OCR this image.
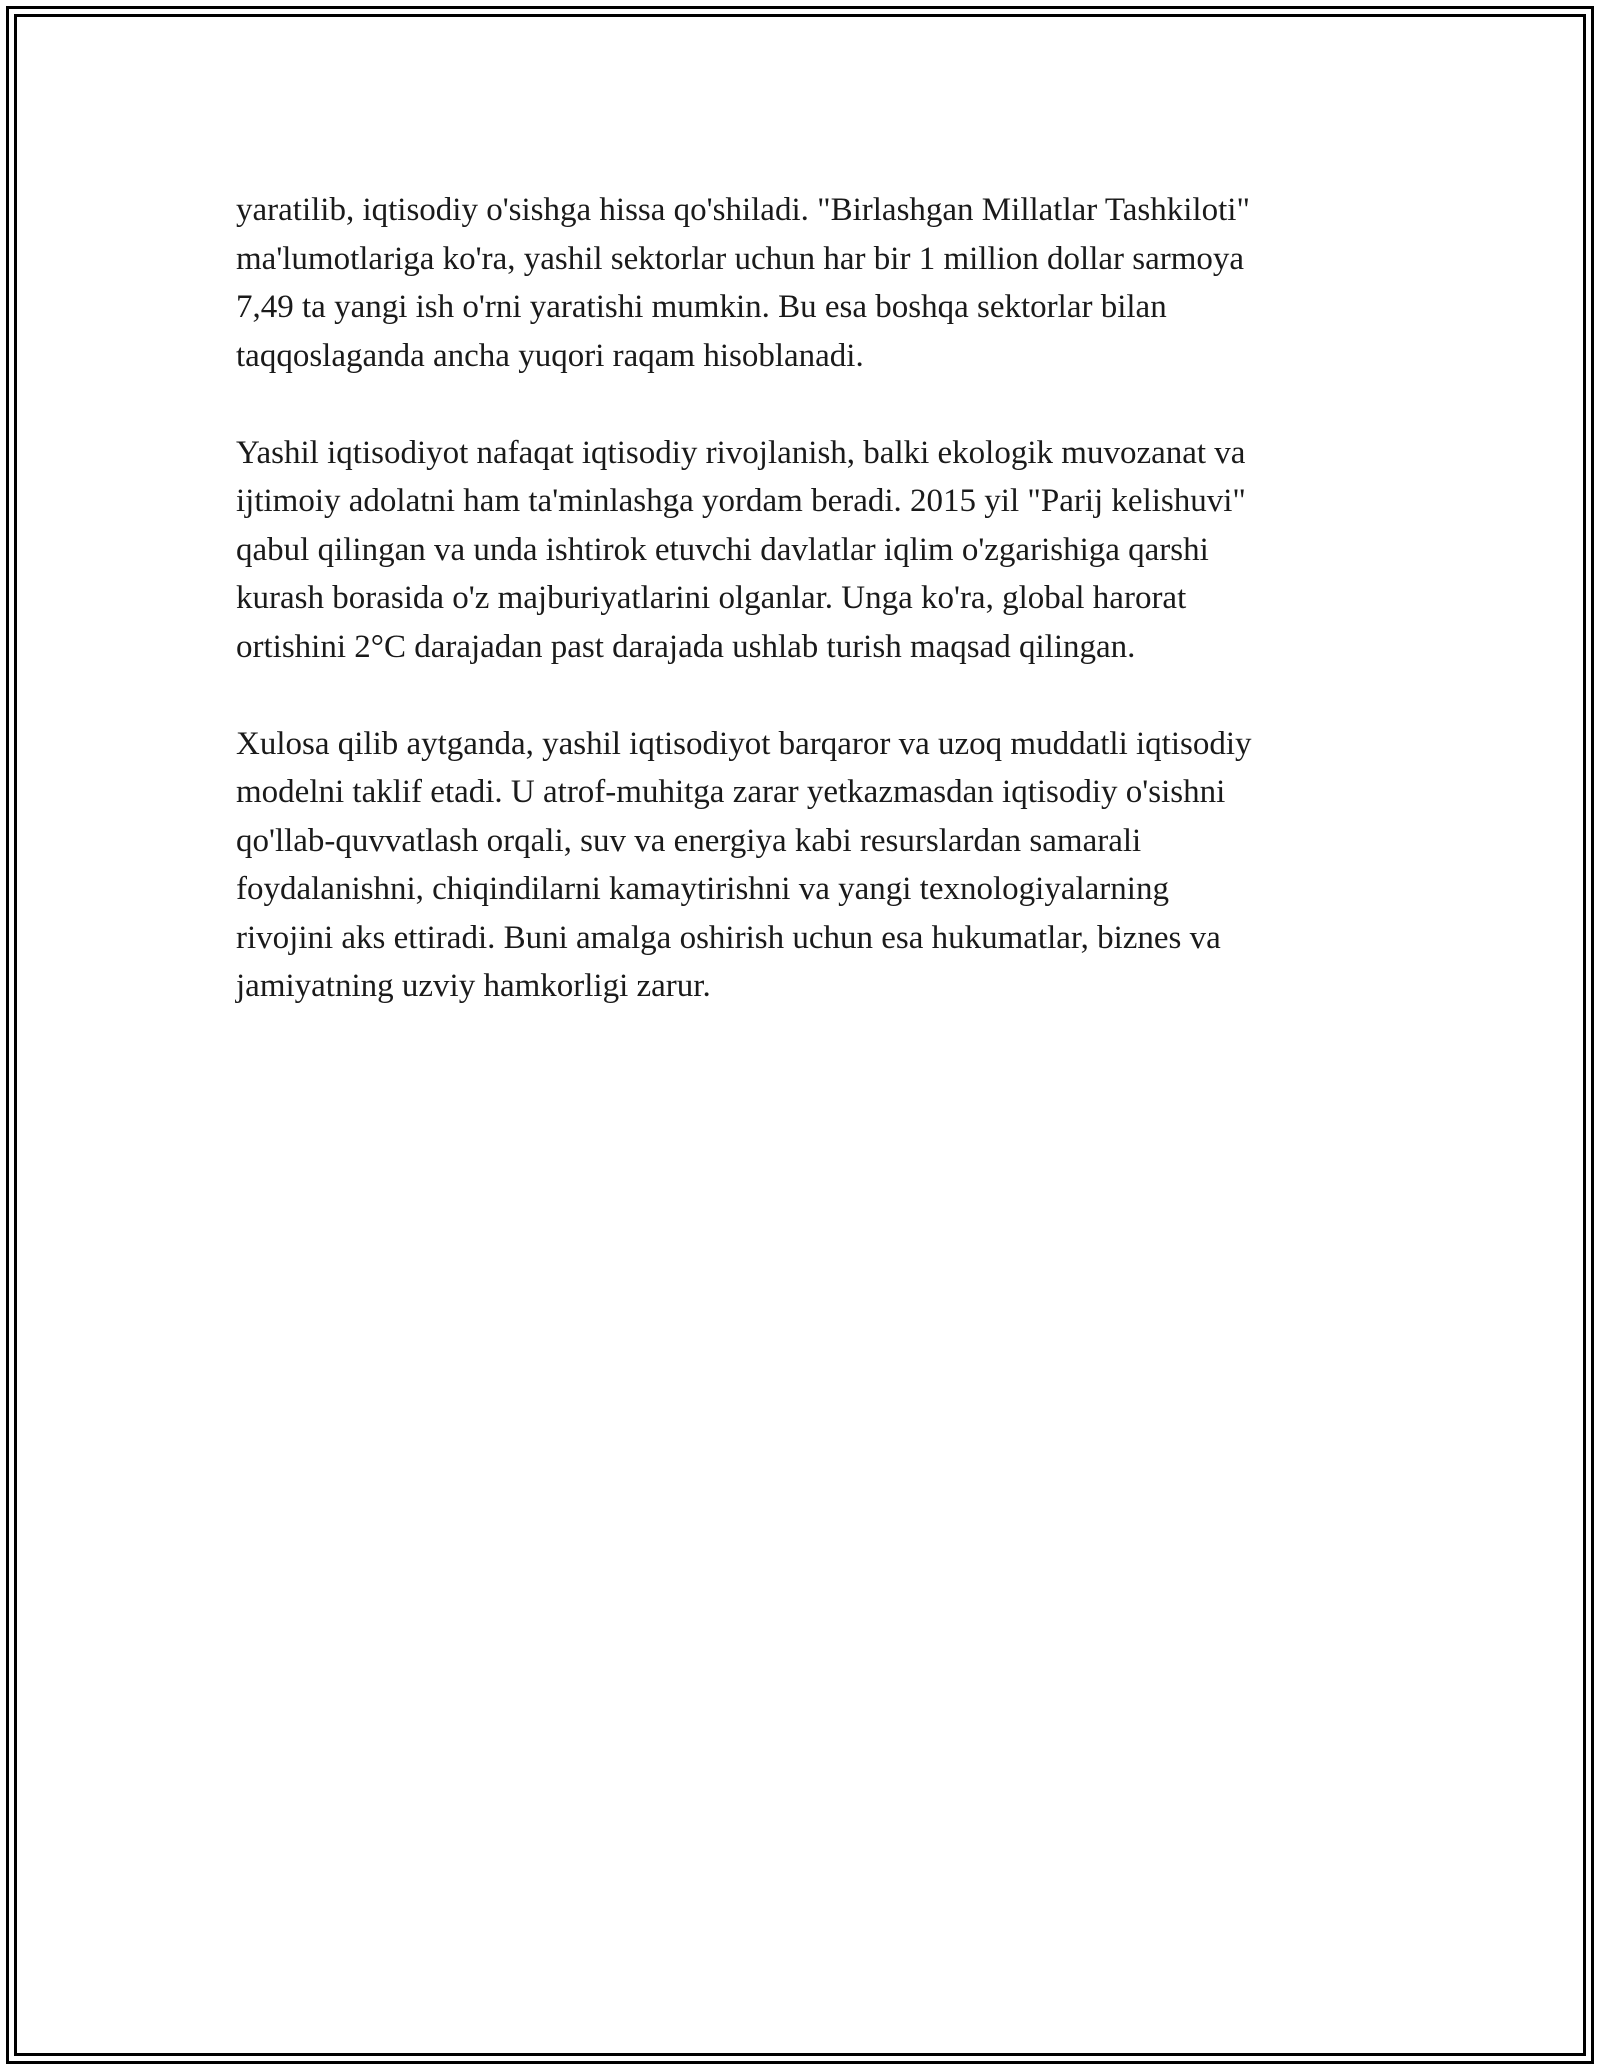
yaratilib, iqtisodiy o'sishga hissa qo'shiladi. "Birlashgan Millatlar Tashkiloti"
ma'lumotlariga ko'ra, yashil sektorlar uchun har bir 1 million dollar sarmoya
7,49 ta yangi ish o'rni yaratishi mumkin. Bu esa boshqa sektorlar bilan
taqqoslaganda ancha yuqori raqam hisoblanadi.

Yashil iqtisodiyot nafaqat iqtisodiy rivojlanish, balki ekologik muvozanat va
ijtimoiy adolatni ham ta'minlashga yordam beradi. 2015 yil "Parij kelishuvi"
qabul qilingan va unda ishtirok etuvchi davlatlar iqlim o'zgarishiga qarshi
kurash borasida o'z majburiyatlarini olganlar. Unga ko'ra, global harorat
ortishini 2°C darajadan past darajada ushlab turish maqsad qilingan.

Xulosa qilib aytganda, yashil iqtisodiyot barqaror va uzoq muddatli iqtisodiy
modelni taklif etadi. U atrof-muhitga zarar yetkazmasdan iqtisodiy o'sishni
qo'llab-quvvatlash orqali, suv va energiya kabi resurslardan samarali
foydalanishni, chiqindilarni kamaytirishni va yangi texnologiyalarning
rivojini aks ettiradi. Buni amalga oshirish uchun esa hukumatlar, biznes va
jamiyatning uzviy hamkorligi zarur.
